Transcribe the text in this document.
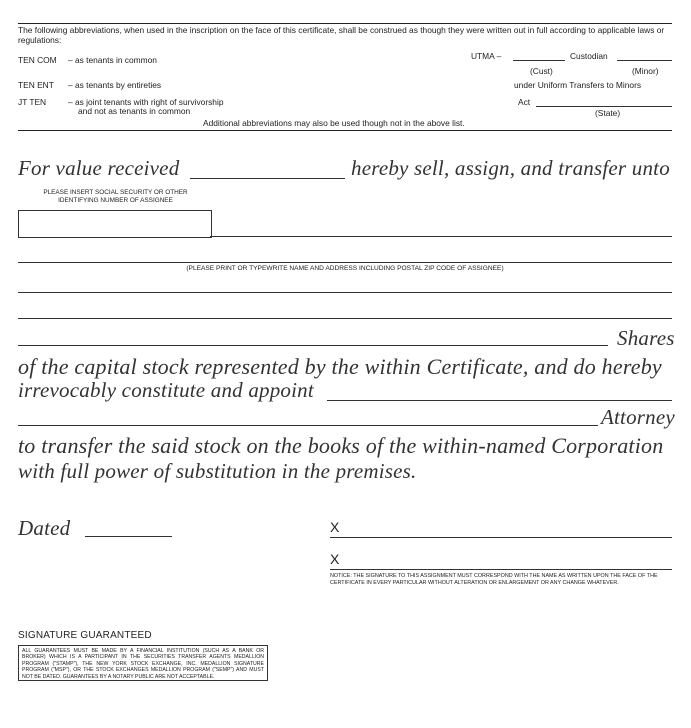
The following abbreviations, when used in the inscription on the face of this certificate, shall be construed as though they were written out in full according to applicable laws or regulations:
TEN COM – as tenants in common
TEN ENT – as tenants by entireties
JT TEN	– as joint tenants with right of survivorship
and not as tenants in common
UTMA –	Custodian
(Cust)	(Minor)
under Uniform Transfers to Minors
Act
(State)
Additional abbreviations may also be used though not in the above list.
For value received	hereby sell, assign, and transfer unto
PLEASE INSERT SOCIAL SECURITY OR OTHER
IDENTIFYING NUMBER OF ASSIGNEE
(PLEASE PRINT OR TYPEWRITE NAME AND ADDRESS INCLUDING POSTAL ZIP CODE OF ASSIGNEE)
Shares
of the capital stock represented by the within Certificate, and do hereby
irrevocably constitute and appoint
Attorney
to transfer the said stock on the books of the within-named Corporation
with full power of substitution in the premises.
Dated	X
X
NOTICE: THE SIGNATURE TO THIS ASSIGNMENT MUST CORRESPOND WITH THE NAME AS WRITTEN UPON THE FACE OF THE CERTIFICATE IN EVERY PARTICULAR WITHOUT ALTERATION OR ENLARGEMENT OR ANY CHANGE WHATEVER.
SIGNATURE GUARANTEED
ALL GUARANTEES MUST BE MADE BY A FINANCIAL INSTITUTION (SUCH AS A BANK OR BROKER) WHICH IS A PARTICIPANT IN THE SECURITIES TRANSFER AGENTS MEDALLION PROGRAM ("STAMP"), THE NEW YORK STOCK EXCHANGE, INC. MEDALLION SIGNATURE PROGRAM ("MSP"), OR THE STOCK EXCHANGES MEDALLION PROGRAM ("SEMP") AND MUST NOT BE DATED. GUARANTEES BY A NOTARY PUBLIC ARE NOT ACCEPTABLE.
